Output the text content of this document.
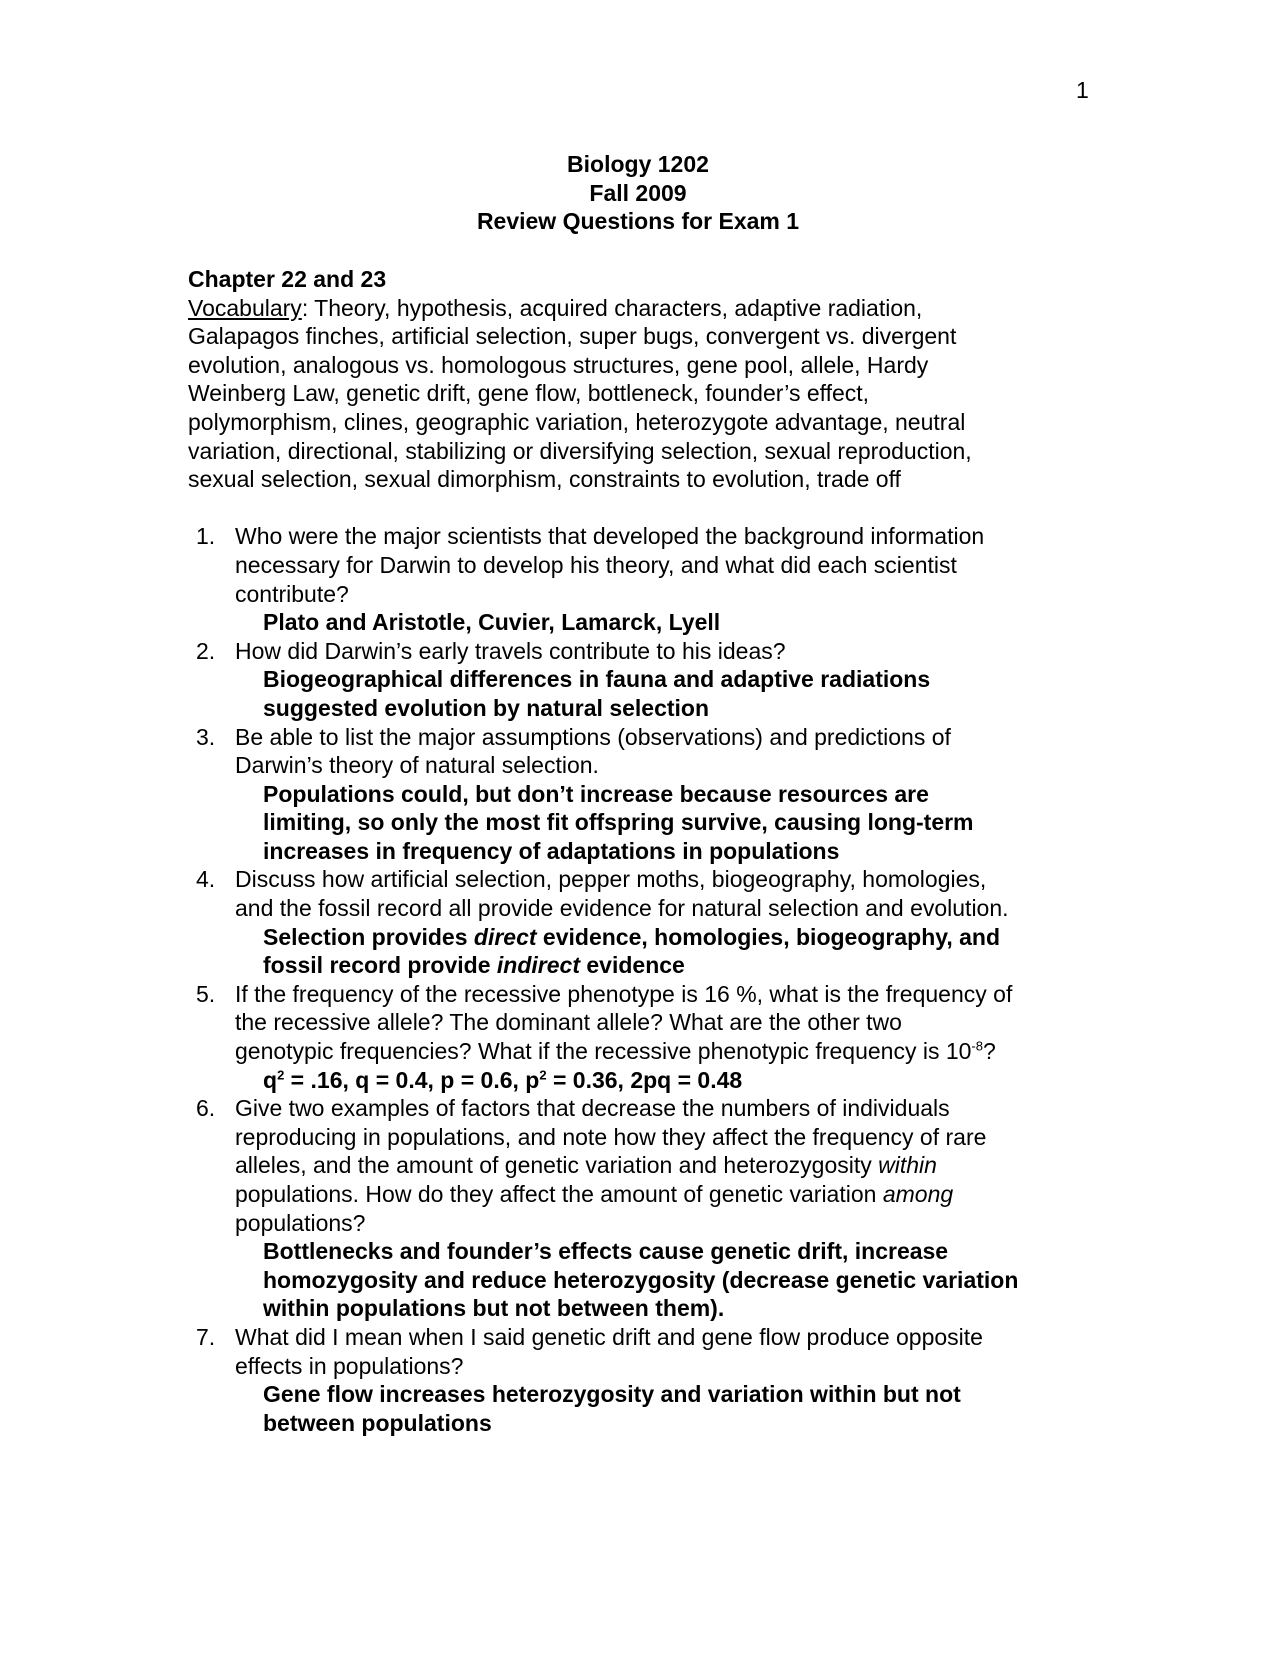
1
Biology 1202
Fall 2009
Review Questions for Exam 1
Chapter 22 and 23
Vocabulary: Theory, hypothesis, acquired characters, adaptive radiation,
Galapagos finches, artificial selection, super bugs, convergent vs. divergent
evolution, analogous vs. homologous structures, gene pool, allele, Hardy
Weinberg Law, genetic drift, gene flow, bottleneck, founder’s effect,
polymorphism, clines, geographic variation, heterozygote advantage, neutral
variation, directional, stabilizing or diversifying selection, sexual reproduction,
sexual selection, sexual dimorphism, constraints to evolution, trade off
1. Who were the major scientists that developed the background information
necessary for Darwin to develop his theory, and what did each scientist
contribute?
Plato and Aristotle, Cuvier, Lamarck, Lyell
2. How did Darwin’s early travels contribute to his ideas?
Biogeographical differences in fauna and adaptive radiations
suggested evolution by natural selection
3. Be able to list the major assumptions (observations) and predictions of
Darwin’s theory of natural selection.
Populations could, but don’t increase because resources are
limiting, so only the most fit offspring survive, causing long-term
increases in frequency of adaptations in populations
4. Discuss how artificial selection, pepper moths, biogeography, homologies,
and the fossil record all provide evidence for natural selection and evolution.
Selection provides direct evidence, homologies, biogeography, and
fossil record provide indirect evidence
5. If the frequency of the recessive phenotype is 16 %, what is the frequency of
the recessive allele? The dominant allele? What are the other two
genotypic frequencies? What if the recessive phenotypic frequency is $10^{-8}$?
$q^2 = .16$, q = 0.4, p = 0.6, $p^2 = 0.36$, 2pq = 0.48
6. Give two examples of factors that decrease the numbers of individuals
reproducing in populations, and note how they affect the frequency of rare
alleles, and the amount of genetic variation and heterozygosity within
populations. How do they affect the amount of genetic variation among
populations?
Bottlenecks and founder’s effects cause genetic drift, increase
homozygosity and reduce heterozygosity (decrease genetic variation
within populations but not between them).
7. What did I mean when I said genetic drift and gene flow produce opposite
effects in populations?
Gene flow increases heterozygosity and variation within but not
between populations
